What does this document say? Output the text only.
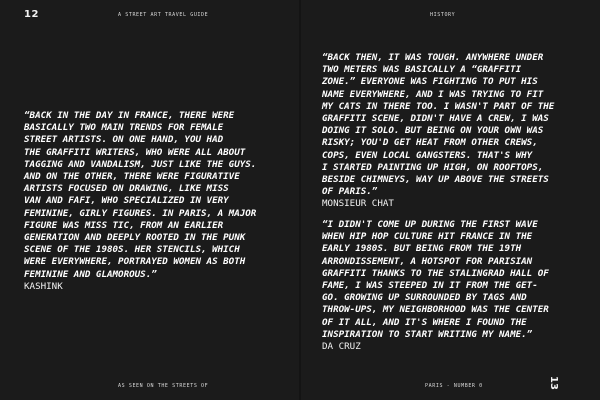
12	A STREET ART TRAVEL GUIDE	HISTORY
AS SEEN ON THE STREETS OF	PARIS - NUMBER 0	13
“BACK IN THE DAY IN FRANCE, THERE WERE
BASICALLY TWO MAIN TRENDS FOR FEMALE
STREET ARTISTS. ON ONE HAND, YOU HAD
THE GRAFFITI WRITERS, WHO WERE ALL ABOUT
TAGGING AND VANDALISM, JUST LIKE THE GUYS.
AND ON THE OTHER, THERE WERE FIGURATIVE
ARTISTS FOCUSED ON DRAWING, LIKE MISS
VAN AND FAFI, WHO SPECIALIZED IN VERY
FEMININE, GIRLY FIGURES. IN PARIS, A MAJOR
FIGURE WAS MISS TIC, FROM AN EARLIER
GENERATION AND DEEPLY ROOTED IN THE PUNK
SCENE OF THE 1980S. HER STENCILS, WHICH
WERE EVERYWHERE, PORTRAYED WOMEN AS BOTH
FEMININE AND GLAMOROUS.”
KASHINK
“BACK THEN, IT WAS TOUGH. ANYWHERE UNDER
TWO METERS WAS BASICALLY A “GRAFFITI
ZONE.” EVERYONE WAS FIGHTING TO PUT HIS
NAME EVERYWHERE, AND I WAS TRYING TO FIT
MY CATS IN THERE TOO. I WASN'T PART OF THE
GRAFFITI SCENE, DIDN'T HAVE A CREW, I WAS
DOING IT SOLO. BUT BEING ON YOUR OWN WAS
RISKY; YOU'D GET HEAT FROM OTHER CREWS,
COPS, EVEN LOCAL GANGSTERS. THAT'S WHY
I STARTED PAINTING UP HIGH, ON ROOFTOPS,
BESIDE CHIMNEYS, WAY UP ABOVE THE STREETS
OF PARIS.”
MONSIEUR CHAT
“I DIDN'T COME UP DURING THE FIRST WAVE
WHEN HIP HOP CULTURE HIT FRANCE IN THE
EARLY 1980S. BUT BEING FROM THE 19TH
ARRONDISSEMENT, A HOTSPOT FOR PARISIAN
GRAFFITI THANKS TO THE STALINGRAD HALL OF
FAME, I WAS STEEPED IN IT FROM THE GET-
GO. GROWING UP SURROUNDED BY TAGS AND
THROW-UPS, MY NEIGHBORHOOD WAS THE CENTER
OF IT ALL, AND IT'S WHERE I FOUND THE
INSPIRATION TO START WRITING MY NAME.”
DA CRUZ
